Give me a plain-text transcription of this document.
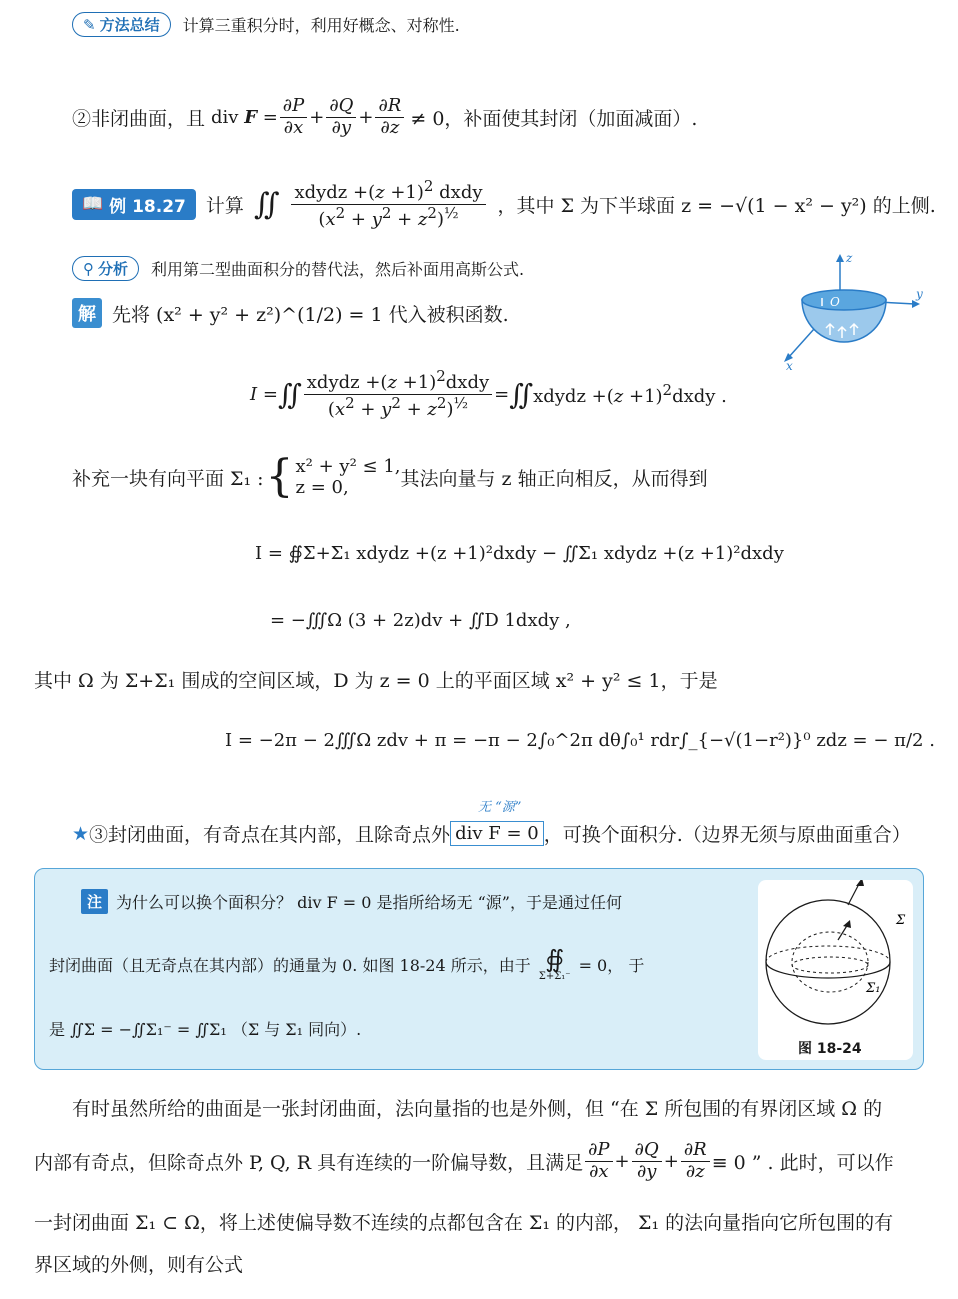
✎ 方法总结 计算三重积分时，利用好概念、对称性.
②非闭曲面，且 div $F = \frac{\partial P}{\partial x} + \frac{\partial Q}{\partial y} + \frac{\partial R}{\partial z} \ne 0$，补面使其封闭（加面减面）.
📖 例 18.27 计算 ∬ $\frac{xdydz +(z +1)^2 dxdy}{(x^2 + y^2 + z^2)^{\frac{1}{2}}}$ ，其中 Σ 为下半球面 z = −√(1 − x² − y²) 的上侧.
⚲ 分析 利用第二型曲面积分的替代法，然后补面用高斯公式.
z
y
x
O
解 先将 (x² + y² + z²)^(1/2) = 1 代入被积函数.
I = ∬ $\frac{xdydz +(z +1)^2dxdy}{(x^2 + y^2 + z^2)^{\frac{1}{2}}}$ = ∬ xdydz $+(z +1)^2dxdy$ .
补充一块有向平面 Σ₁ : { x² + y² ≤ 1,
z = 0,	其法向量与 z 轴正向相反，从而得到
I = ∯Σ+Σ₁ xdydz +(z +1)²dxdy − ∬Σ₁ xdydz +(z +1)²dxdy
= −∭Ω (3 + 2z)dv + ∬D 1dxdy ,
其中 Ω 为 Σ+Σ₁ 围成的空间区域，D 为 z = 0 上的平面区域 x² + y² ≤ 1，于是
I = −2π − 2∭Ω zdv + π = −π − 2∫₀^2π dθ∫₀¹ rdr∫_{−√(1−r²)}⁰ zdz = − π/2 .
无 “源”
★ ③封闭曲面，有奇点在其内部，且除奇点外 div F = 0 ，可换个面积分.（边界无须与原曲面重合）
注 为什么可以换个面积分？ div F = 0 是指所给场无 “源”，于是通过任何
封闭曲面（且无奇点在其内部）的通量为 0. 如图 18-24 所示，由于 ∯
Σ+Σ₁⁻
= 0， 于
是 ∬Σ = −∬Σ₁⁻ = ∬Σ₁ （Σ 与 Σ₁ 同向）.
Σ
Σ₁
图 18-24
有时虽然所给的曲面是一张封闭曲面，法向量指的也是外侧，但 “在 Σ 所包围的有界闭区域 Ω 的
内部有奇点，但除奇点外 P, Q, R 具有连续的一阶偏导数，且满足 $\frac{\partial P}{\partial x} + \frac{\partial Q}{\partial y} + \frac{\partial R}{\partial z} \equiv 0$ ” . 此时，可以作
一封闭曲面 Σ₁ ⊂ Ω，将上述使偏导数不连续的点都包含在 Σ₁ 的内部， Σ₁ 的法向量指向它所包围的有
界区域的外侧，则有公式
